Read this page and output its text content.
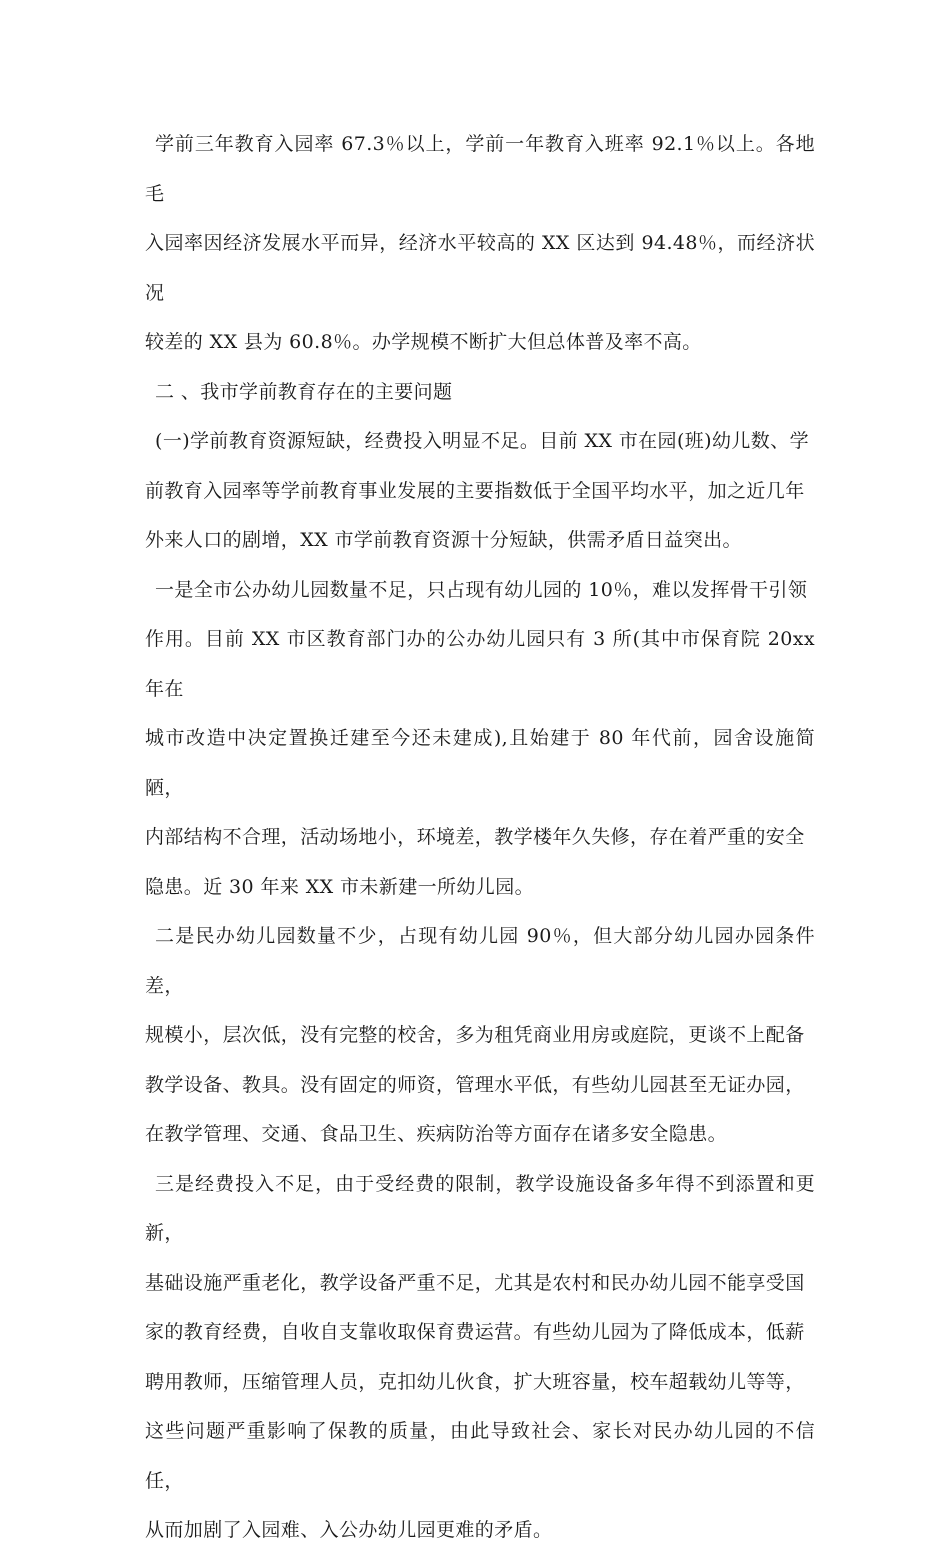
学前三年教育入园率 67.3％以上，学前一年教育入班率 92.1％以上。各地毛
入园率因经济发展水平而异，经济水平较高的 XX 区达到 94.48％，而经济状况
较差的 XX 县为 60.8％。办学规模不断扩大但总体普及率不高。

二 、我市学前教育存在的主要问题

(一)学前教育资源短缺，经费投入明显不足。目前 XX 市在园(班)幼儿数、学
前教育入园率等学前教育事业发展的主要指数低于全国平均水平，加之近几年
外来人口的剧增，XX 市学前教育资源十分短缺，供需矛盾日益突出。

一是全市公办幼儿园数量不足，只占现有幼儿园的 10％，难以发挥骨干引领
作用。目前 XX 市区教育部门办的公办幼儿园只有 3 所(其中市保育院 20xx 年在
城市改造中决定置换迁建至今还未建成),且始建于 80 年代前，园舍设施简陋，
内部结构不合理，活动场地小，环境差，教学楼年久失修，存在着严重的安全
隐患。近 30 年来 XX 市未新建一所幼儿园。

二是民办幼儿园数量不少，占现有幼儿园 90％，但大部分幼儿园办园条件差，
规模小，层次低，没有完整的校舍，多为租凭商业用房或庭院，更谈不上配备
教学设备、教具。没有固定的师资，管理水平低，有些幼儿园甚至无证办园，
在教学管理、交通、食品卫生、疾病防治等方面存在诸多安全隐患。

三是经费投入不足，由于受经费的限制，教学设施设备多年得不到添置和更新，
基础设施严重老化，教学设备严重不足，尤其是农村和民办幼儿园不能享受国
家的教育经费，自收自支靠收取保育费运营。有些幼儿园为了降低成本，低薪
聘用教师，压缩管理人员，克扣幼儿伙食，扩大班容量，校车超载幼儿等等，
这些问题严重影响了保教的质量，由此导致社会、家长对民办幼儿园的不信任，
从而加剧了入园难、入公办幼儿园更难的矛盾。
